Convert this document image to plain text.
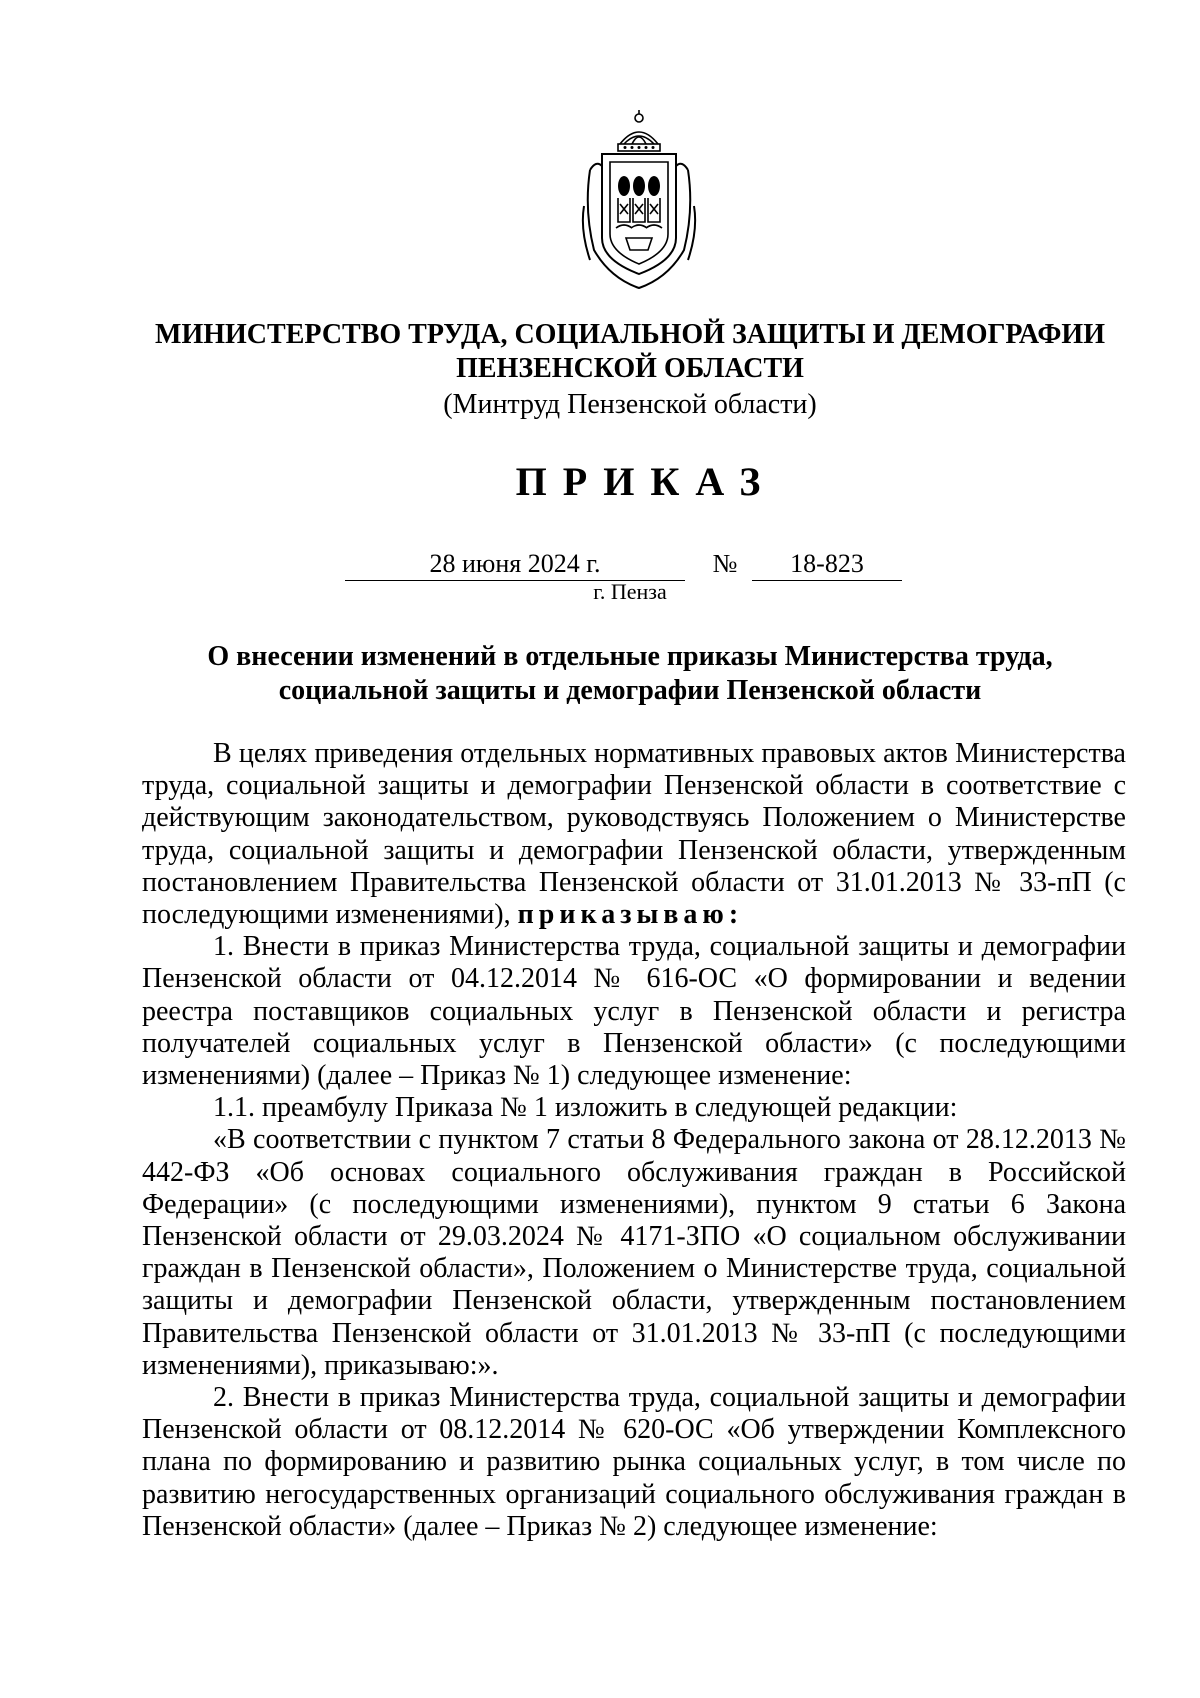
МИНИСТЕРСТВО ТРУДА, СОЦИАЛЬНОЙ ЗАЩИТЫ И ДЕМОГРАФИИ
ПЕНЗЕНСКОЙ ОБЛАСТИ
(Минтруд Пензенской области)
ПРИКАЗ
28 июня 2024 г.	№	18-823
г. Пенза
О внесении изменений в отдельные приказы Министерства труда,
социальной защиты и демографии Пензенской области

В целях приведения отдельных нормативных правовых актов Министерства труда, социальной защиты и демографии Пензенской области в соответствие с действующим законодательством, руководствуясь Положением о Министерстве труда, социальной защиты и демографии Пензенской области, утвержденным постановлением Правительства Пензенской области от 31.01.2013 № 33-пП (с последующими изменениями), приказываю:

1. Внести в приказ Министерства труда, социальной защиты и демографии Пензенской области от 04.12.2014 № 616-ОС «О формировании и ведении реестра поставщиков социальных услуг в Пензенской области и регистра получателей социальных услуг в Пензенской области» (с последующими изменениями) (далее – Приказ № 1) следующее изменение:

1.1. преамбулу Приказа № 1 изложить в следующей редакции:

«В соответствии с пунктом 7 статьи 8 Федерального закона от 28.12.2013 № 442-ФЗ «Об основах социального обслуживания граждан в Российской Федерации» (с последующими изменениями), пунктом 9 статьи 6 Закона Пензенской области от 29.03.2024 № 4171-ЗПО «О социальном обслуживании граждан в Пензенской области», Положением о Министерстве труда, социальной защиты и демографии Пензенской области, утвержденным постановлением Правительства Пензенской области от 31.01.2013 № 33-пП (с последующими изменениями), приказываю:».

2. Внести в приказ Министерства труда, социальной защиты и демографии Пензенской области от 08.12.2014 № 620-ОС «Об утверждении Комплексного плана по формированию и развитию рынка социальных услуг, в том числе по развитию негосударственных организаций социального обслуживания граждан в Пензенской области» (далее – Приказ № 2) следующее изменение:
